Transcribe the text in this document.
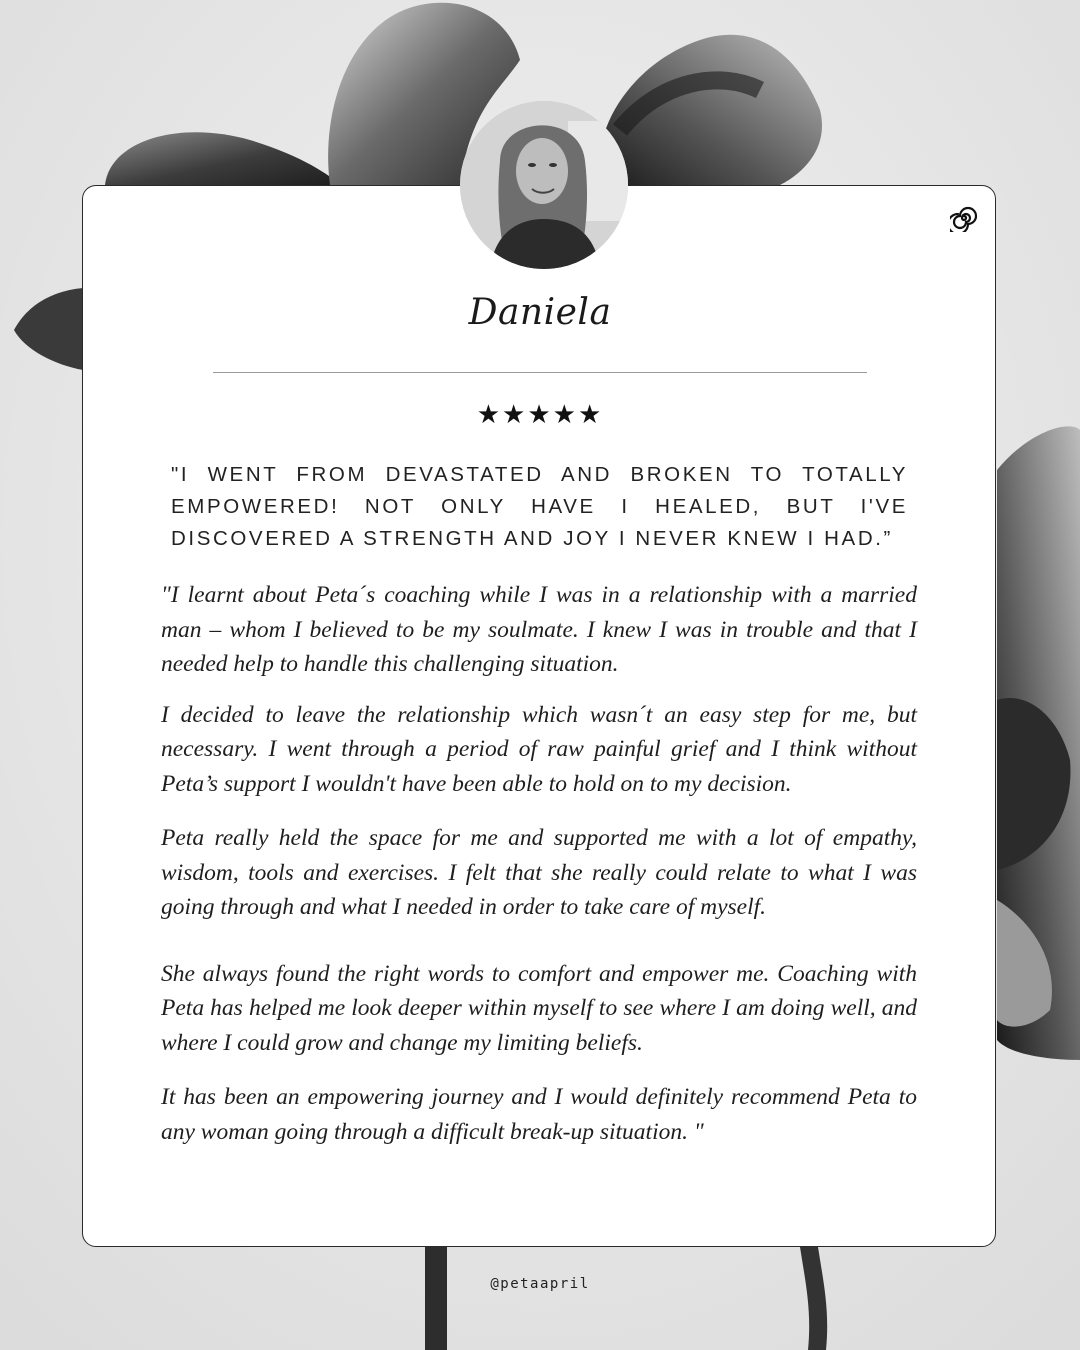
Daniela
★★★★★
"I WENT FROM DEVASTATED AND BROKEN TO TOTALLY EMPOWERED! NOT ONLY HAVE I HEALED, BUT I'VE DISCOVERED A STRENGTH AND JOY I NEVER KNEW I HAD.”

"I learnt about Peta´s coaching while I was in a relationship with a married man – whom I believed to be my soulmate. I knew I was in trouble and that I needed help to handle this challenging situation.

I decided to leave the relationship which wasn´t an easy step for me, but necessary. I went through a period of raw painful grief and I think without Peta’s support I wouldn't have been able to hold on to my decision.

Peta really held the space for me and supported me with a lot of empathy, wisdom, tools and exercises. I felt that she really could relate to what I was going through and what I needed in order to take care of myself.

She always found the right words to comfort and empower me. Coaching with Peta has helped me look deeper within myself to see where I am doing well, and where I could grow and change my limiting beliefs.

It has been an empowering journey and I would definitely recommend Peta to any woman going through a difficult break-up situation. "

@petaapril
